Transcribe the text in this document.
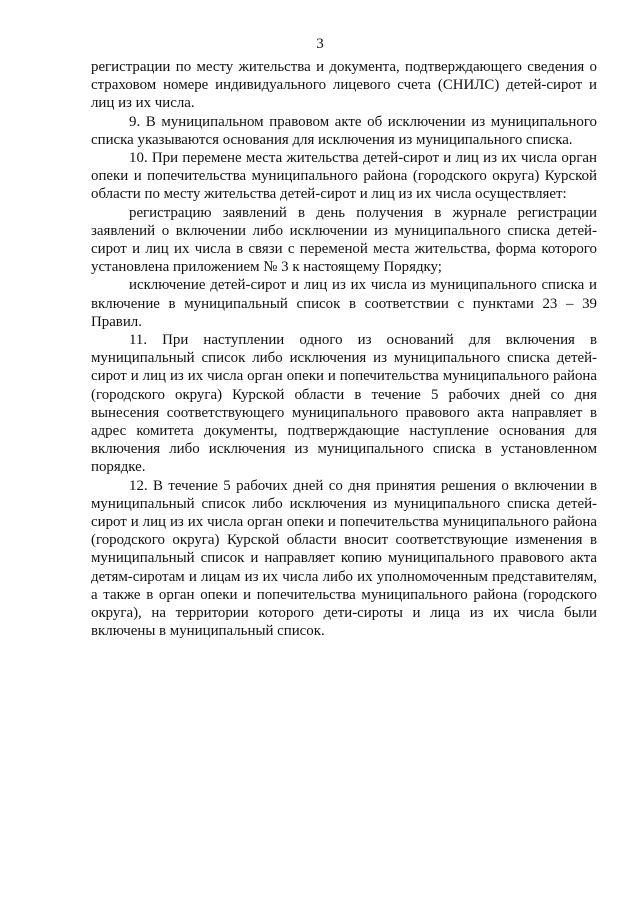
3

регистрации по месту жительства и документа, подтверждающего сведения о страховом номере индивидуального лицевого счета (СНИЛС) детей-сирот и лиц из их числа.

9. В муниципальном правовом акте об исключении из муниципального списка указываются основания для исключения из муниципального списка.

10. При перемене места жительства детей-сирот и лиц из их числа орган опеки и попечительства муниципального района (городского округа) Курской области по месту жительства детей-сирот и лиц из их числа осуществляет:

регистрацию заявлений в день получения в журнале регистрации заявлений о включении либо исключении из муниципального списка детей-сирот и лиц их числа в связи с переменой места жительства, форма которого установлена приложением № 3 к настоящему Порядку;

исключение детей-сирот и лиц из их числа из муниципального списка и включение в муниципальный список в соответствии с пунктами 23 – 39 Правил.

11. При наступлении одного из оснований для включения в муниципальный список либо исключения из муниципального списка детей-сирот и лиц из их числа орган опеки и попечительства муниципального района (городского округа) Курской области в течение 5 рабочих дней со дня вынесения соответствующего муниципального правового акта направляет в адрес комитета документы, подтверждающие наступление основания для включения либо исключения из муниципального списка в установленном порядке.

12. В течение 5 рабочих дней со дня принятия решения о включении в муниципальный список либо исключения из муниципального списка детей-сирот и лиц из их числа орган опеки и попечительства муниципального района (городского округа) Курской области вносит соответствующие изменения в муниципальный список и направляет копию муниципального правового акта детям-сиротам и лицам из их числа либо их уполномоченным представителям, а также в орган опеки и попечительства муниципального района (городского округа), на территории которого дети-сироты и лица из их числа были включены в муниципальный список.
